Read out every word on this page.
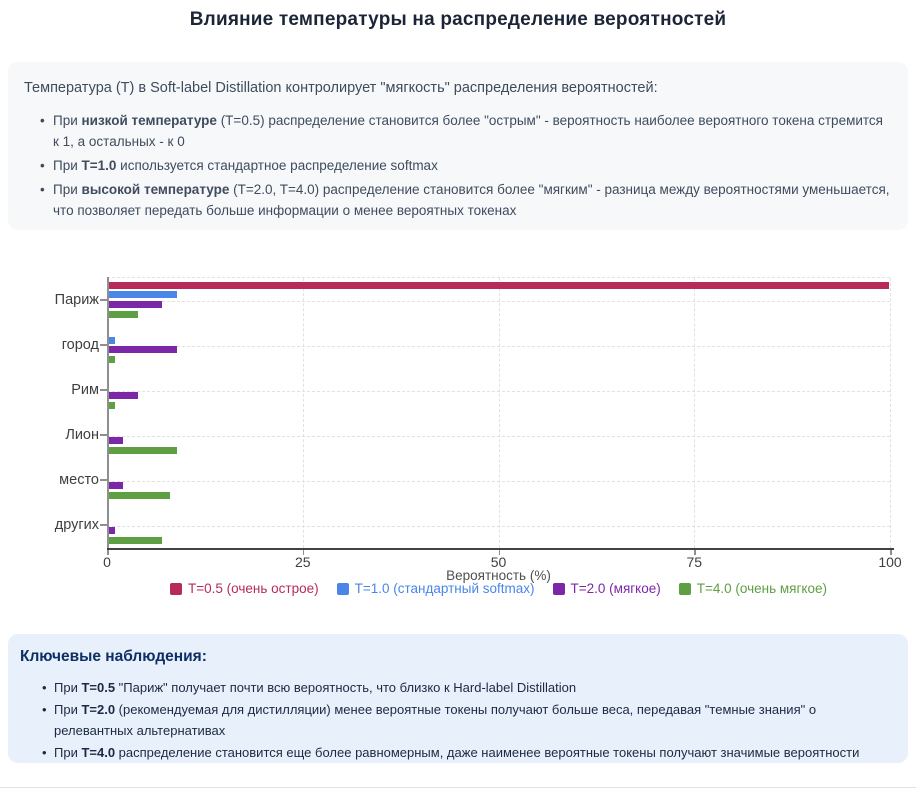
Влияние температуры на распределение вероятностей

Температура (T) в Soft-label Distillation контролирует "мягкость" распределения вероятностей:

• При низкой температуре (T=0.5) распределение становится более "острым" - вероятность наиболее вероятного токена стремится к 1, а остальных - к 0
• При T=1.0 используется стандартное распределение softmax
• При высокой температуре (T=2.0, T=4.0) распределение становится более "мягким" - разница между вероятностями уменьшается, что позволяет передать больше информации о менее вероятных токенах
Вероятность (%)
Париж
город
Рим
Лион
место
других
0	25	50	75	100
T=0.5 (очень острое)	T=1.0 (стандартный softmax)	T=2.0 (мягкое)	T=4.0 (очень мягкое)
Ключевые наблюдения:
• При T=0.5 "Париж" получает почти всю вероятность, что близко к Hard-label Distillation
• При T=2.0 (рекомендуемая для дистилляции) менее вероятные токены получают больше веса, передавая "темные знания" о релевантных альтернативах
• При T=4.0 распределение становится еще более равномерным, даже наименее вероятные токены получают значимые вероятности
